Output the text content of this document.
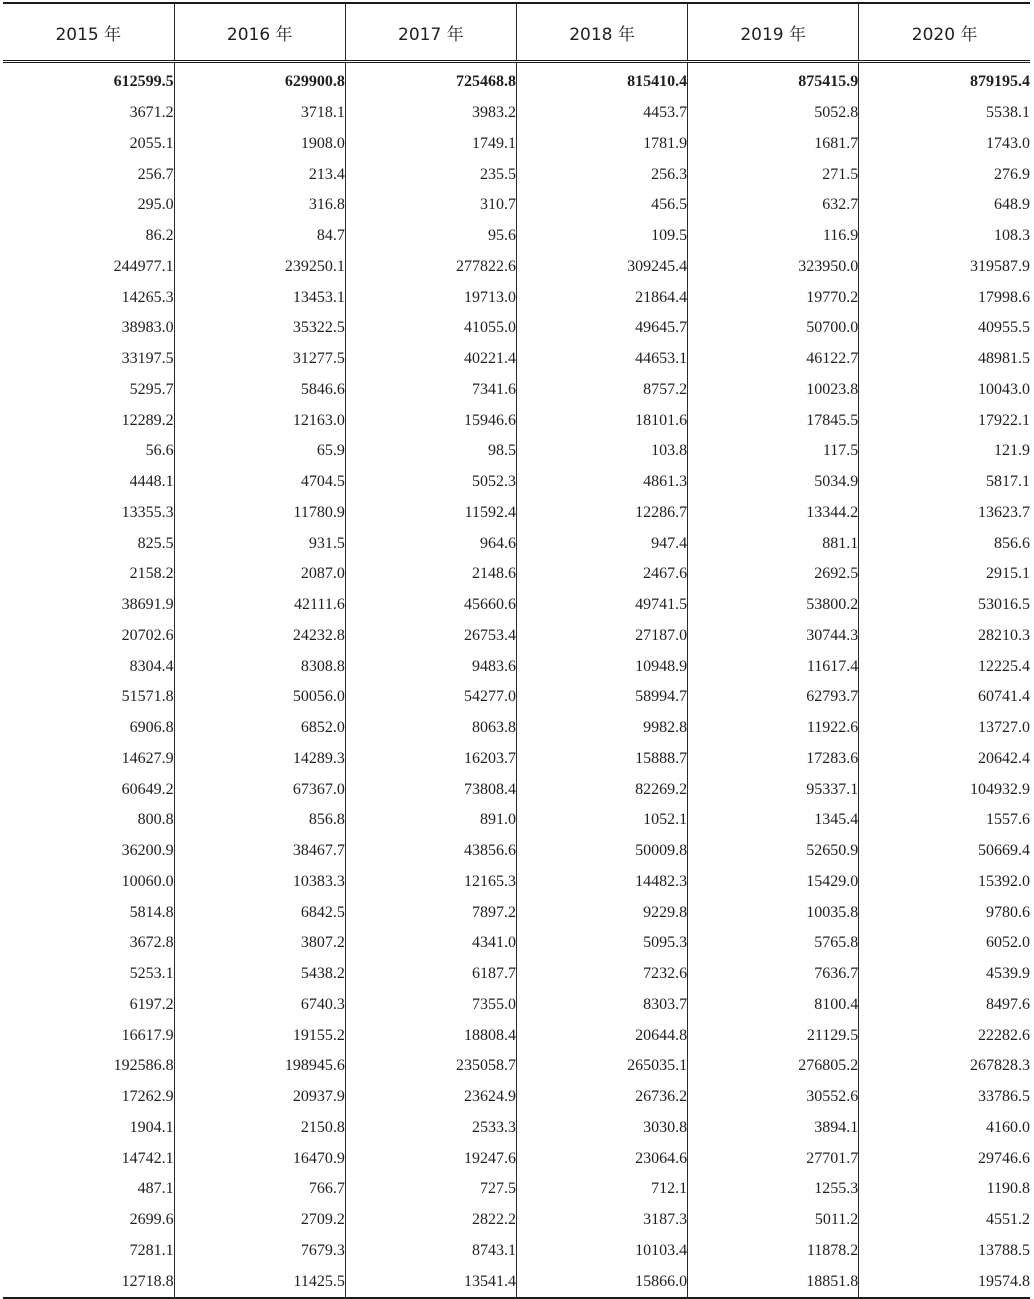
2015 年	2016 年	2017 年	2018 年	2019 年	2020 年
612599.5	629900.8	725468.8	815410.4	875415.9	879195.4
3671.2	3718.1	3983.2	4453.7	5052.8	5538.1
2055.1	1908.0	1749.1	1781.9	1681.7	1743.0
256.7	213.4	235.5	256.3	271.5	276.9
295.0	316.8	310.7	456.5	632.7	648.9
86.2	84.7	95.6	109.5	116.9	108.3
244977.1	239250.1	277822.6	309245.4	323950.0	319587.9
14265.3	13453.1	19713.0	21864.4	19770.2	17998.6
38983.0	35322.5	41055.0	49645.7	50700.0	40955.5
33197.5	31277.5	40221.4	44653.1	46122.7	48981.5
5295.7	5846.6	7341.6	8757.2	10023.8	10043.0
12289.2	12163.0	15946.6	18101.6	17845.5	17922.1
56.6	65.9	98.5	103.8	117.5	121.9
4448.1	4704.5	5052.3	4861.3	5034.9	5817.1
13355.3	11780.9	11592.4	12286.7	13344.2	13623.7
825.5	931.5	964.6	947.4	881.1	856.6
2158.2	2087.0	2148.6	2467.6	2692.5	2915.1
38691.9	42111.6	45660.6	49741.5	53800.2	53016.5
20702.6	24232.8	26753.4	27187.0	30744.3	28210.3
8304.4	8308.8	9483.6	10948.9	11617.4	12225.4
51571.8	50056.0	54277.0	58994.7	62793.7	60741.4
6906.8	6852.0	8063.8	9982.8	11922.6	13727.0
14627.9	14289.3	16203.7	15888.7	17283.6	20642.4
60649.2	67367.0	73808.4	82269.2	95337.1	104932.9
800.8	856.8	891.0	1052.1	1345.4	1557.6
36200.9	38467.7	43856.6	50009.8	52650.9	50669.4
10060.0	10383.3	12165.3	14482.3	15429.0	15392.0
5814.8	6842.5	7897.2	9229.8	10035.8	9780.6
3672.8	3807.2	4341.0	5095.3	5765.8	6052.0
5253.1	5438.2	6187.7	7232.6	7636.7	4539.9
6197.2	6740.3	7355.0	8303.7	8100.4	8497.6
16617.9	19155.2	18808.4	20644.8	21129.5	22282.6
192586.8	198945.6	235058.7	265035.1	276805.2	267828.3
17262.9	20937.9	23624.9	26736.2	30552.6	33786.5
1904.1	2150.8	2533.3	3030.8	3894.1	4160.0
14742.1	16470.9	19247.6	23064.6	27701.7	29746.6
487.1	766.7	727.5	712.1	1255.3	1190.8
2699.6	2709.2	2822.2	3187.3	5011.2	4551.2
7281.1	7679.3	8743.1	10103.4	11878.2	13788.5
12718.8	11425.5	13541.4	15866.0	18851.8	19574.8
